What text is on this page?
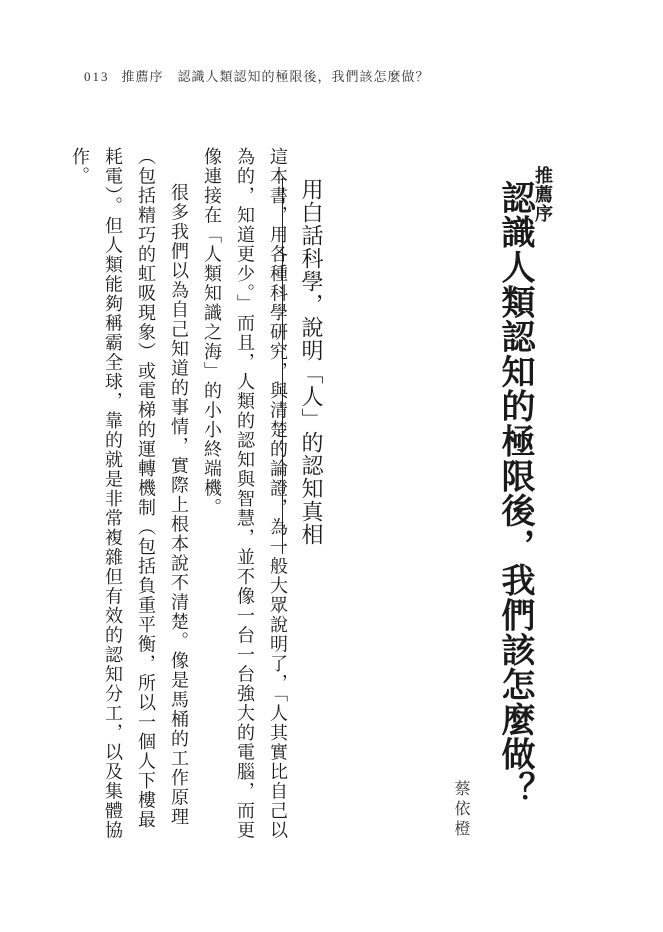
013 推薦序　認識人類認知的極限後，我們該怎麼做？
推薦序
認識人類認知的極限後，我們該怎麼做？
蔡依橙
用白話科學，說明「人」的認知真相

這本書，用各種科學研究，與清楚的論證，為一般大眾說明了，「人其實比自己以為的，知道更少。」而且，人類的認知與智慧，並不像一台一台強大的電腦，而更像連接在「人類知識之海」的小小終端機。

很多我們以為自己知道的事情，實際上根本說不清楚。像是馬桶的工作原理（包括精巧的虹吸現象）或電梯的運轉機制（包括負重平衡，所以一個人下樓最耗電）。但人類能夠稱霸全球，靠的就是非常複雜但有效的認知分工，以及集體協作。
